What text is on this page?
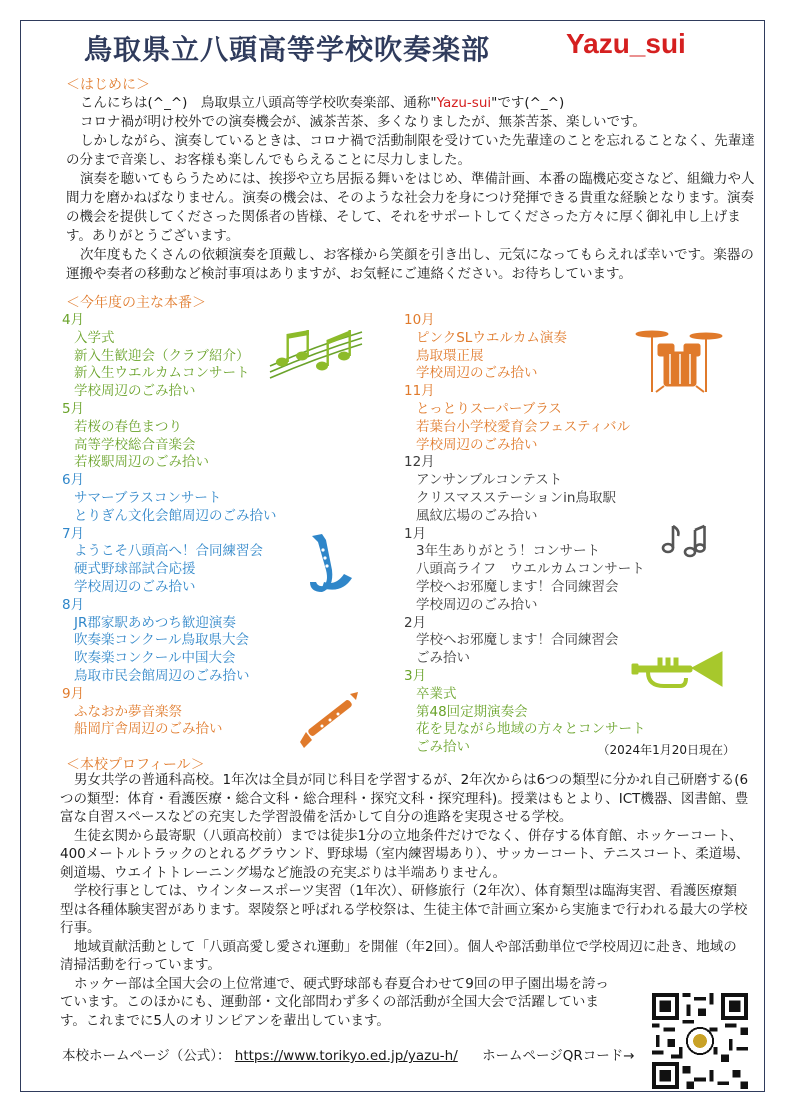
鳥取県立八頭高等学校吹奏楽部	Yazu_sui
＜はじめに＞

こんにちは(^_^)　鳥取県立八頭高等学校吹奏楽部、通称"Yazu-sui"です(^_^)

コロナ禍が明け校外での演奏機会が、滅茶苦茶、多くなりましたが、無茶苦茶、楽しいです。

しかしながら、演奏しているときは、コロナ禍で活動制限を受けていた先輩達のことを忘れることなく、先輩達の分まで音楽し、お客様も楽しんでもらえることに尽力しました。

演奏を聴いてもらうためには、挨拶や立ち居振る舞いをはじめ、準備計画、本番の臨機応変さなど、組織力や人間力を磨かねばなりません。演奏の機会は、そのような社会力を身につけ発揮できる貴重な経験となります。演奏の機会を提供してくださった関係者の皆様、そして、それをサポートしてくださった方々に厚く御礼申し上げます。ありがとうございます。

次年度もたくさんの依頼演奏を頂戴し、お客様から笑顔を引き出し、元気になってもらえれば幸いです。楽器の運搬や奏者の移動など検討事項はありますが、お気軽にご連絡ください。お待ちしています。

＜今年度の主な本番＞
4月
入学式
新入生歓迎会（クラブ紹介）
新入生ウエルカムコンサート
学校周辺のごみ拾い
5月
若桜の春色まつり
高等学校総合音楽会
若桜駅周辺のごみ拾い
6月
サマーブラスコンサート
とりぎん文化会館周辺のごみ拾い
7月
ようこそ八頭高へ！合同練習会
硬式野球部試合応援
学校周辺のごみ拾い
8月
JR郡家駅あめつち歓迎演奏
吹奏楽コンクール鳥取県大会
吹奏楽コンクール中国大会
鳥取市民会館周辺のごみ拾い
9月
ふなおか夢音楽祭
船岡庁舎周辺のごみ拾い
10月
ピンクSLウエルカム演奏
鳥取環正展
学校周辺のごみ拾い
11月
とっとりスーパーブラス
若葉台小学校愛育会フェスティバル
学校周辺のごみ拾い
12月
アンサンブルコンテスト
クリスマスステーションin鳥取駅
風紋広場のごみ拾い
1月
3年生ありがとう！コンサート
八頭高ライフ　ウエルカムコンサート
学校へお邪魔します！合同練習会
学校周辺のごみ拾い
2月
学校へお邪魔します！合同練習会
ごみ拾い
3月
卒業式
第48回定期演奏会
花を見ながら地域の方々とコンサート
ごみ拾い	（2024年1月20日現在）
＜本校プロフィール＞

男女共学の普通科高校。1年次は全員が同じ科目を学習するが、2年次からは6つの類型に分かれ自己研磨する(6つの類型：体育・看護医療・総合文科・総合理科・探究文科・探究理科)。授業はもとより、ICT機器、図書館、豊富な自習スペースなどの充実した学習設備を活かして自分の進路を実現させる学校。

生徒玄関から最寄駅（八頭高校前）までは徒歩1分の立地条件だけでなく、併存する体育館、ホッケーコート、400メートルトラックのとれるグラウンド、野球場（室内練習場あり）、サッカーコート、テニスコート、柔道場、剣道場、ウエイトトレーニング場など施設の充実ぶりは半端ありません。

学校行事としては、ウインタースポーツ実習（1年次）、研修旅行（2年次）、体育類型は臨海実習、看護医療類型は各種体験実習があります。翠陵祭と呼ばれる学校祭は、生徒主体で計画立案から実施まで行われる最大の学校行事。

地域貢献活動として「八頭高愛し愛され運動」を開催（年2回）。個人や部活動単位で学校周辺に赴き、地域の清掃活動を行っています。

ホッケー部は全国大会の上位常連で、硬式野球部も春夏合わせて9回の甲子園出場を誇っています。このほかにも、運動部・文化部問わず多くの部活動が全国大会で活躍しています。これまでに5人のオリンピアンを輩出しています。

本校ホームページ（公式）： https://www.torikyo.ed.jp/yazu-h/ ホームページQRコード→
